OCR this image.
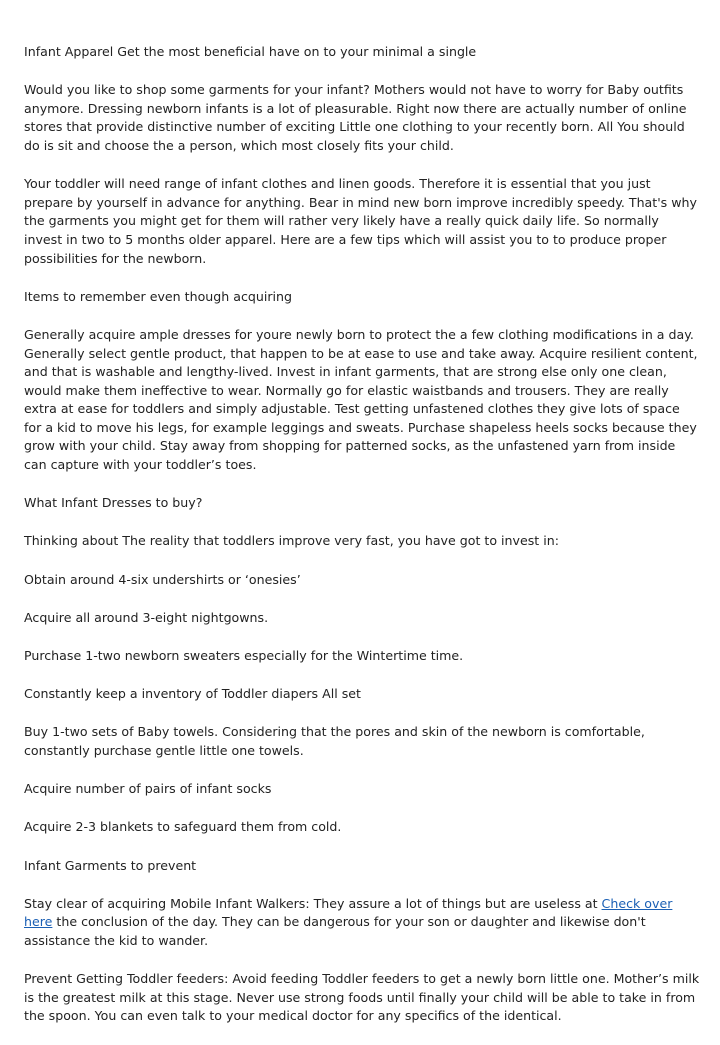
Infant Apparel Get the most beneficial have on to your minimal a single

Would you like to shop some garments for your infant? Mothers would not have to worry for Baby outfits anymore. Dressing newborn infants is a lot of pleasurable. Right now there are actually number of online stores that provide distinctive number of exciting Little one clothing to your recently born. All You should do is sit and choose the a person, which most closely fits your child.

Your toddler will need range of infant clothes and linen goods. Therefore it is essential that you just prepare by yourself in advance for anything. Bear in mind new born improve incredibly speedy. That's why the garments you might get for them will rather very likely have a really quick daily life. So normally invest in two to 5 months older apparel. Here are a few tips which will assist you to to produce proper possibilities for the newborn.

Items to remember even though acquiring

Generally acquire ample dresses for youre newly born to protect the a few clothing modifications in a day. Generally select gentle product, that happen to be at ease to use and take away. Acquire resilient content, and that is washable and lengthy-lived. Invest in infant garments, that are strong else only one clean, would make them ineffective to wear. Normally go for elastic waistbands and trousers. They are really extra at ease for toddlers and simply adjustable. Test getting unfastened clothes they give lots of space for a kid to move his legs, for example leggings and sweats. Purchase shapeless heels socks because they grow with your child. Stay away from shopping for patterned socks, as the unfastened yarn from inside can capture with your toddler’s toes.

What Infant Dresses to buy?

Thinking about The reality that toddlers improve very fast, you have got to invest in:

Obtain around 4-six undershirts or ‘onesies’

Acquire all around 3-eight nightgowns.

Purchase 1-two newborn sweaters especially for the Wintertime time.

Constantly keep a inventory of Toddler diapers All set

Buy 1-two sets of Baby towels. Considering that the pores and skin of the newborn is comfortable, constantly purchase gentle little one towels.

Acquire number of pairs of infant socks

Acquire 2-3 blankets to safeguard them from cold.

Infant Garments to prevent

Stay clear of acquiring Mobile Infant Walkers: They assure a lot of things but are useless at Check over here the conclusion of the day. They can be dangerous for your son or daughter and likewise don't assistance the kid to wander.

Prevent Getting Toddler feeders: Avoid feeding Toddler feeders to get a newly born little one. Mother’s milk is the greatest milk at this stage. Never use strong foods until finally your child will be able to take in from the spoon. You can even talk to your medical doctor for any specifics of the identical.
